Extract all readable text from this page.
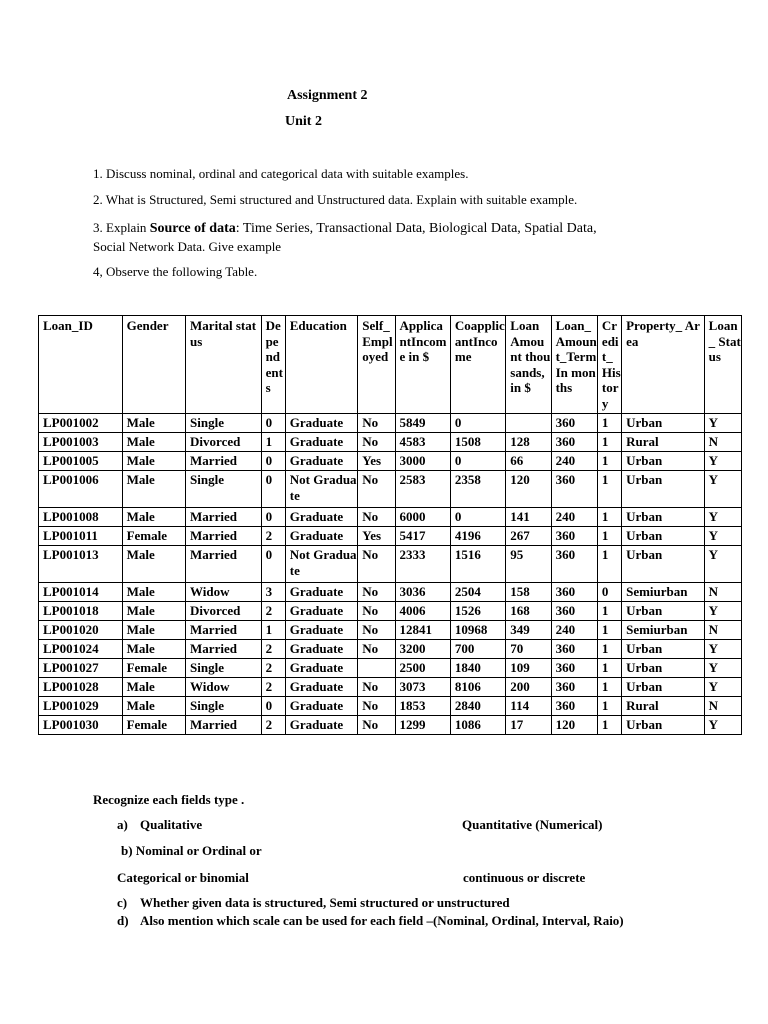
Assignment 2
Unit 2
1. Discuss nominal, ordinal and categorical data with suitable examples.
2. What is Structured, Semi structured and Unstructured data. Explain with suitable example.
3. Explain Source of data: Time Series, Transactional Data, Biological Data, Spatial Data,
Social Network Data. Give example
4, Observe the following Table.
Loan_ID	Gender	Marital status	Dependents	Education	Self_Employed	ApplicantIncome in $	CoapplicantIncome	Loan Amount thousands, in $	Loan_Amount_Term In months	Credit_History	Property_ Area	Loan_ Status
LP001002	Male	Single	0	Graduate	No	5849	0		360	1	Urban	Y
LP001003	Male	Divorced	1	Graduate	No	4583	1508	128	360	1	Rural	N
LP001005	Male	Married	0	Graduate	Yes	3000	0	66	240	1	Urban	Y
LP001006	Male	Single	0	Not Graduate	No	2583	2358	120	360	1	Urban	Y
LP001008	Male	Married	0	Graduate	No	6000	0	141	240	1	Urban	Y
LP001011	Female	Married	2	Graduate	Yes	5417	4196	267	360	1	Urban	Y
LP001013	Male	Married	0	Not Graduate	No	2333	1516	95	360	1	Urban	Y
LP001014	Male	Widow	3	Graduate	No	3036	2504	158	360	0	Semiurban	N
LP001018	Male	Divorced	2	Graduate	No	4006	1526	168	360	1	Urban	Y
LP001020	Male	Married	1	Graduate	No	12841	10968	349	240	1	Semiurban	N
LP001024	Male	Married	2	Graduate	No	3200	700	70	360	1	Urban	Y
LP001027	Female	Single	2	Graduate		2500	1840	109	360	1	Urban	Y
LP001028	Male	Widow	2	Graduate	No	3073	8106	200	360	1	Urban	Y
LP001029	Male	Single	0	Graduate	No	1853	2840	114	360	1	Rural	N
LP001030	Female	Married	2	Graduate	No	1299	1086	17	120	1	Urban	Y
Recognize each fields type .
a) Qualitative	Quantitative (Numerical)
b) Nominal or Ordinal or
Categorical or binomial	continuous or discrete
c) Whether given data is structured, Semi structured or unstructured
d) Also mention which scale can be used for each field –(Nominal, Ordinal, Interval, Raio)
